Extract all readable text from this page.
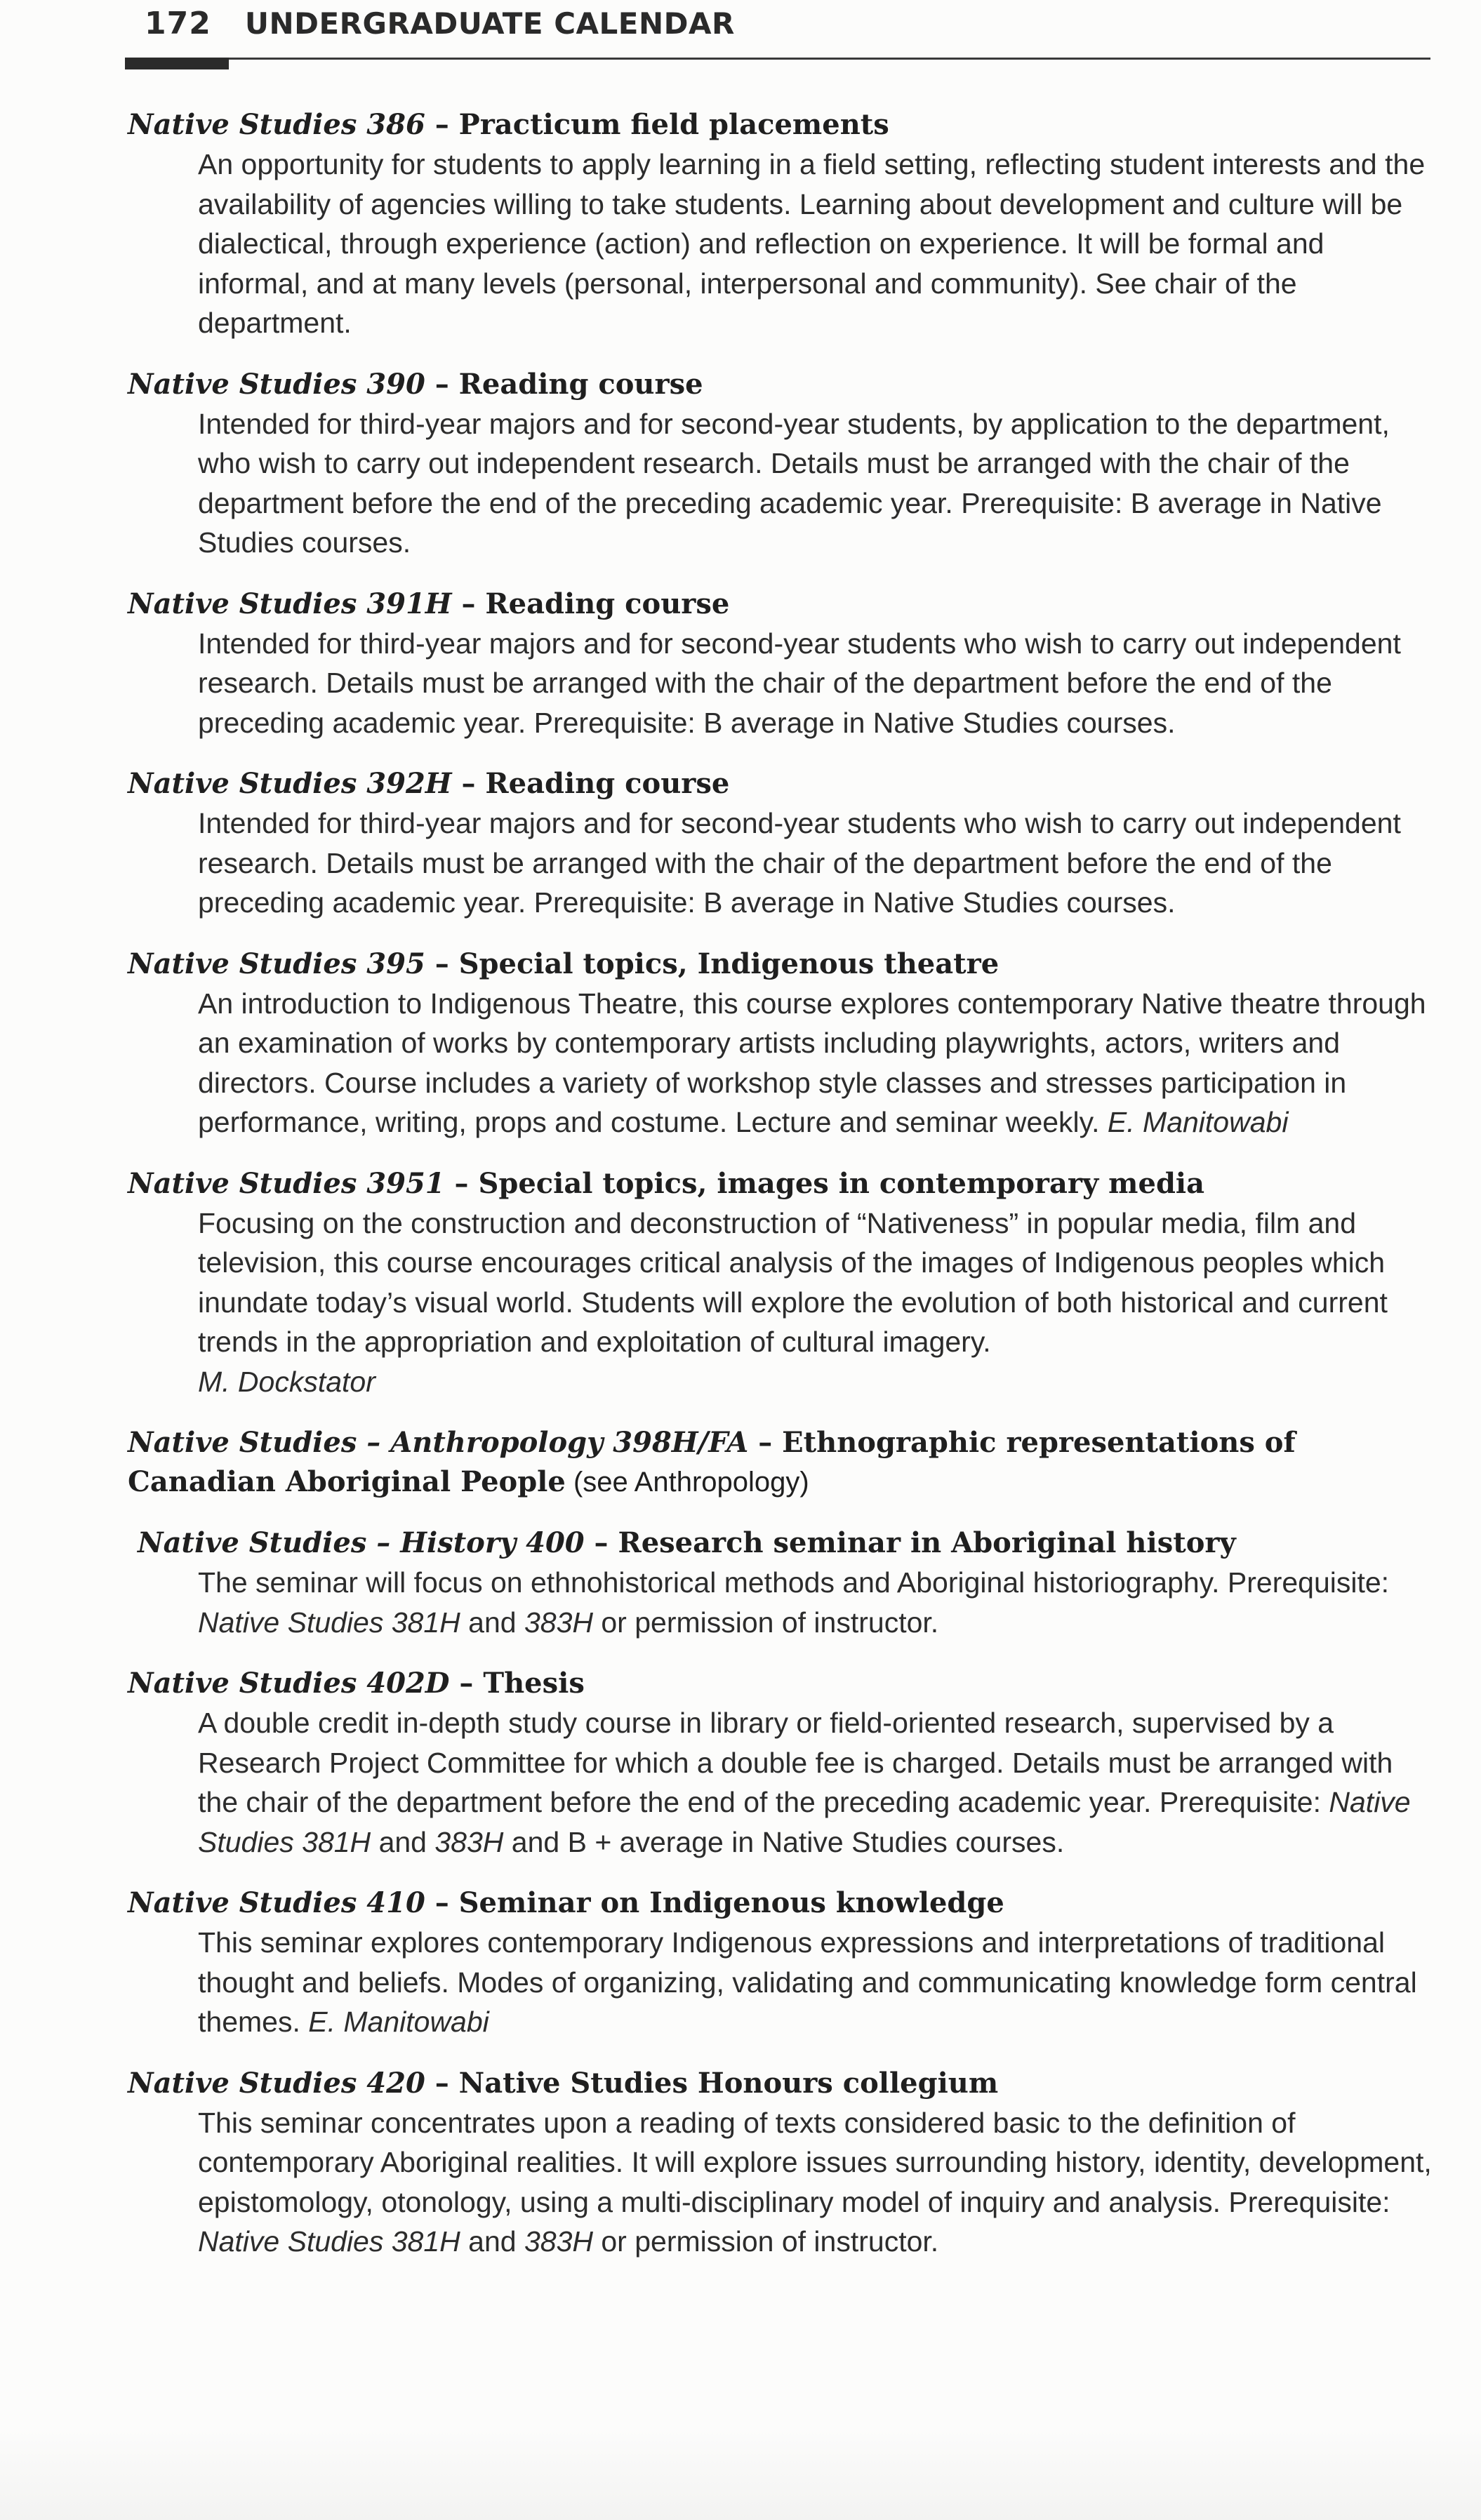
172 UNDERGRADUATE CALENDAR
Native Studies 386 – Practicum field placements
An opportunity for students to apply learning in a field setting, reflecting student interests and the availability of agencies willing to take students. Learning about development and culture will be dialectical, through experience (action) and reflection on experience. It will be formal and informal, and at many levels (personal, interpersonal and community). See chair of the department.
Native Studies 390 – Reading course
Intended for third-year majors and for second-year students, by application to the department, who wish to carry out independent research. Details must be arranged with the chair of the department before the end of the preceding academic year. Prerequisite: B average in Native Studies courses.
Native Studies 391H – Reading course
Intended for third-year majors and for second-year students who wish to carry out independent research. Details must be arranged with the chair of the department before the end of the preceding academic year. Prerequisite: B average in Native Studies courses.
Native Studies 392H – Reading course
Intended for third-year majors and for second-year students who wish to carry out independent research. Details must be arranged with the chair of the department before the end of the preceding academic year. Prerequisite: B average in Native Studies courses.
Native Studies 395 – Special topics, Indigenous theatre
An introduction to Indigenous Theatre, this course explores contemporary Native theatre through an examination of works by contemporary artists including playwrights, actors, writers and directors. Course includes a variety of workshop style classes and stresses participation in performance, writing, props and costume. Lecture and seminar weekly. E. Manitowabi
Native Studies 3951 – Special topics, images in contemporary media
Focusing on the construction and deconstruction of “Nativeness” in popular media, film and television, this course encourages critical analysis of the images of Indigenous peoples which inundate today’s visual world. Students will explore the evolution of both historical and current trends in the appropriation and exploitation of cultural imagery.
M. Dockstator
Native Studies – Anthropology 398H/FA – Ethnographic representations of Canadian Aboriginal People (see Anthropology)
Native Studies – History 400 – Research seminar in Aboriginal history
The seminar will focus on ethnohistorical methods and Aboriginal historiography. Prerequisite: Native Studies 381H and 383H or permission of instructor.
Native Studies 402D – Thesis
A double credit in-depth study course in library or field-oriented research, supervised by a Research Project Committee for which a double fee is charged. Details must be arranged with the chair of the department before the end of the preceding academic year. Prerequisite: Native Studies 381H and 383H and B + average in Native Studies courses.
Native Studies 410 – Seminar on Indigenous knowledge
This seminar explores contemporary Indigenous expressions and interpretations of traditional thought and beliefs. Modes of organizing, validating and communicating knowledge form central themes. E. Manitowabi
Native Studies 420 – Native Studies Honours collegium
This seminar concentrates upon a reading of texts considered basic to the definition of contemporary Aboriginal realities. It will explore issues surrounding history, identity, development, epistomology, otonology, using a multi-disciplinary model of inquiry and analysis. Prerequisite: Native Studies 381H and 383H or permission of instructor.
